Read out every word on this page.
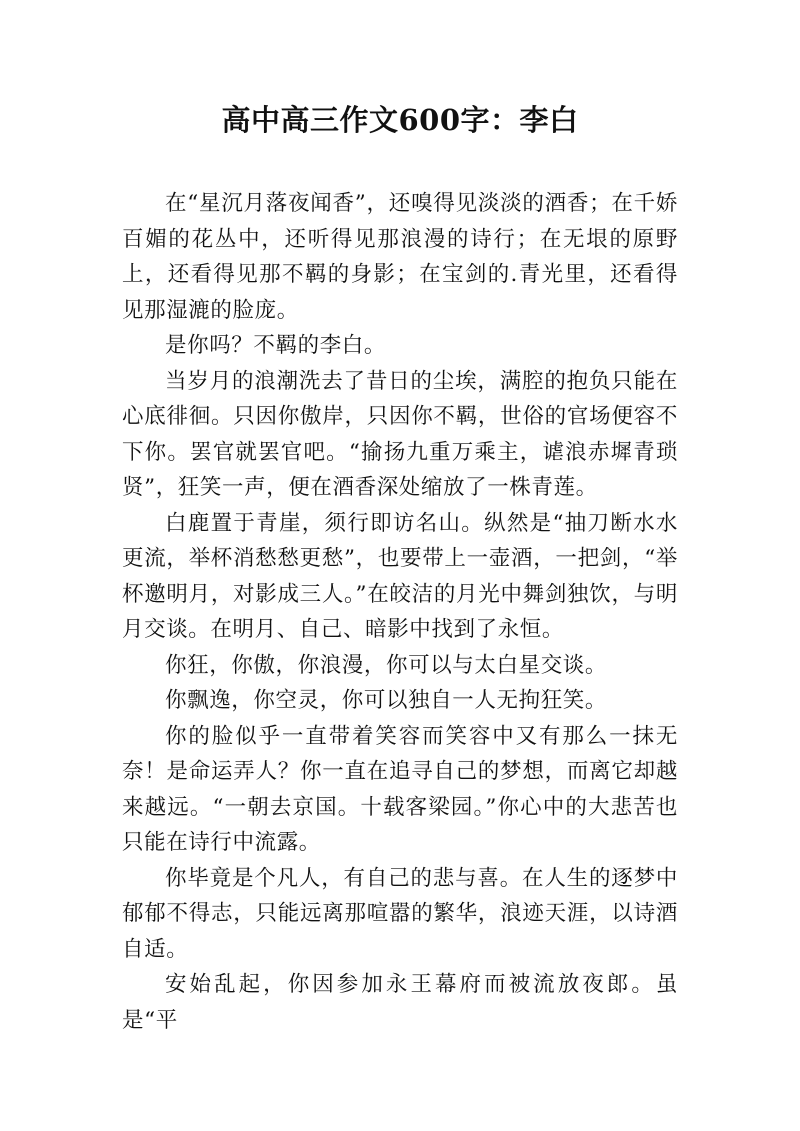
高中高三作文600字：李白

在“星沉月落夜闻香”，还嗅得见淡淡的酒香；在千娇百媚的花丛中，还听得见那浪漫的诗行；在无垠的原野上，还看得见那不羁的身影；在宝剑的.青光里，还看得见那湿漉的脸庞。

是你吗？不羁的李白。

当岁月的浪潮洗去了昔日的尘埃，满腔的抱负只能在心底徘徊。只因你傲岸，只因你不羁，世俗的官场便容不下你。罢官就罢官吧。“揄扬九重万乘主，谑浪赤墀青琐贤”，狂笑一声，便在酒香深处缩放了一株青莲。

白鹿置于青崖，须行即访名山。纵然是“抽刀断水水更流，举杯消愁愁更愁”，也要带上一壶酒，一把剑，“举杯邀明月，对影成三人。”在皎洁的月光中舞剑独饮，与明月交谈。在明月、自己、暗影中找到了永恒。

你狂，你傲，你浪漫，你可以与太白星交谈。

你飘逸，你空灵，你可以独自一人无拘狂笑。

你的脸似乎一直带着笑容而笑容中又有那么一抹无奈！是命运弄人？你一直在追寻自己的梦想，而离它却越来越远。“一朝去京国。十载客梁园。”你心中的大悲苦也只能在诗行中流露。

你毕竟是个凡人，有自己的悲与喜。在人生的逐梦中郁郁不得志，只能远离那喧嚣的繁华，浪迹天涯，以诗酒自适。

安始乱起，你因参加永王幕府而被流放夜郎。虽是“平
